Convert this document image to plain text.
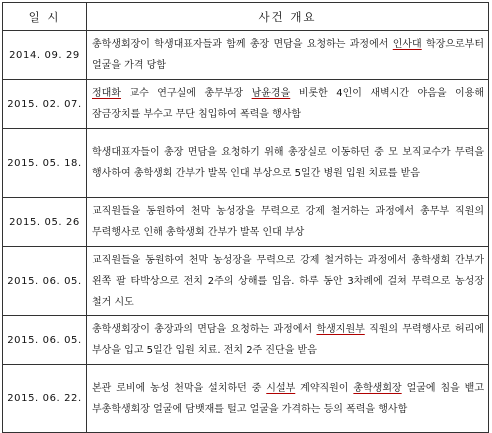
일 시	사건 개요
2014. 09. 29	총학생회장이 학생대표자들과 함께 총장 면담을 요청하는 과정에서 인사대 학장으로부터 얼굴을 가격 당함
2015. 02. 07.	정대화 교수 연구실에 총무부장 남윤경을 비롯한 4인이 새벽시간 야음을 이용해 잠금장치를 부수고 무단 침입하여 폭력을 행사함
2015. 05. 18.	학생대표자들이 총장 면담을 요청하기 위해 총장실로 이동하던 중 모 보직교수가 무력을 행사하여 총학생회 간부가 발목 인대 부상으로 5일간 병원 입원 치료를 받음
2015. 05. 26	교직원들을 동원하여 천막 농성장을 무력으로 강제 철거하는 과정에서 총무부 직원의 무력행사로 인해 총학생회 간부가 발목 인대 부상
2015. 06. 05.	교직원들을 동원하여 천막 농성장을 무력으로 강제 철거하는 과정에서 총학생회 간부가 왼쪽 팔 타박상으로 전치 2주의 상해를 입음. 하루 동안 3차례에 걸쳐 무력으로 농성장 철거 시도
2015. 06. 05.	총학생회장이 총장과의 면담을 요청하는 과정에서 학생지원부 직원의 무력행사로 허리에 부상을 입고 5일간 입원 치료. 전치 2주 진단을 받음
2015. 06. 22.	본관 로비에 농성 천막을 설치하던 중 시설부 계약직원이 총학생회장 얼굴에 침을 뱉고 부총학생회장 얼굴에 담뱃재를 털고 얼굴을 가격하는 등의 폭력을 행사함
